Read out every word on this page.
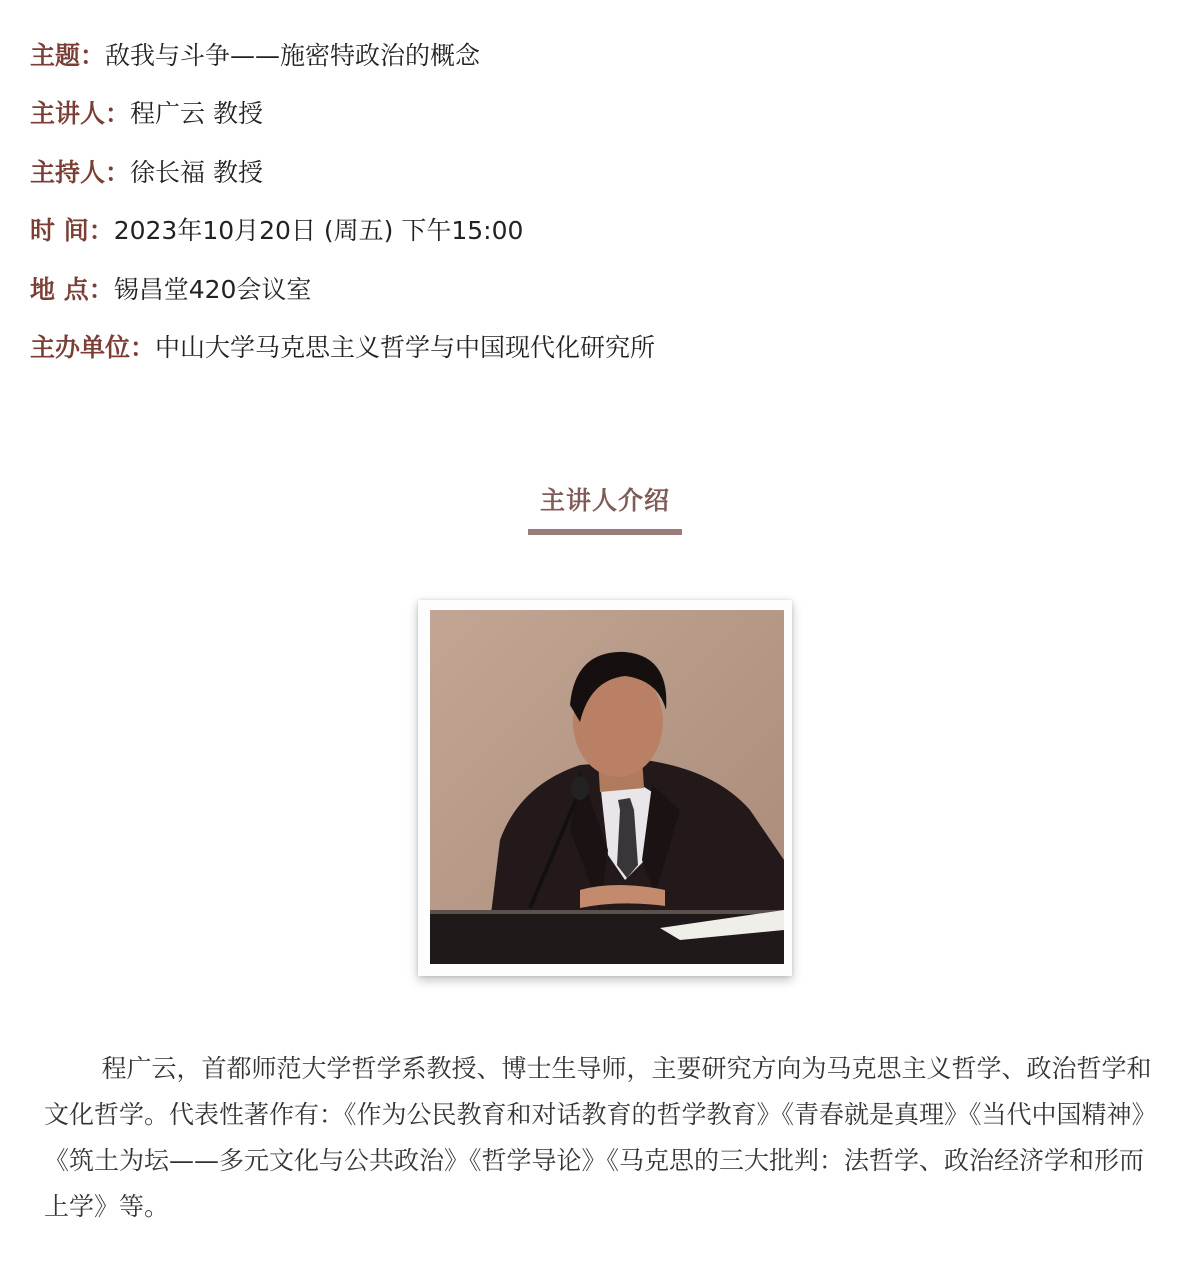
主题：敌我与斗争——施密特政治的概念
主讲人：程广云 教授
主持人：徐长福 教授
时 间：2023年10月20日 (周五) 下午15:00
地 点：锡昌堂420会议室
主办单位：中山大学马克思主义哲学与中国现代化研究所
主讲人介绍
程广云，首都师范大学哲学系教授、博士生导师，主要研究方向为马克思主义哲学、政治哲学和文化哲学。代表性著作有：《作为公民教育和对话教育的哲学教育》《青春就是真理》《当代中国精神》《筑土为坛——多元文化与公共政治》《哲学导论》《马克思的三大批判：法哲学、政治经济学和形而上学》等。
